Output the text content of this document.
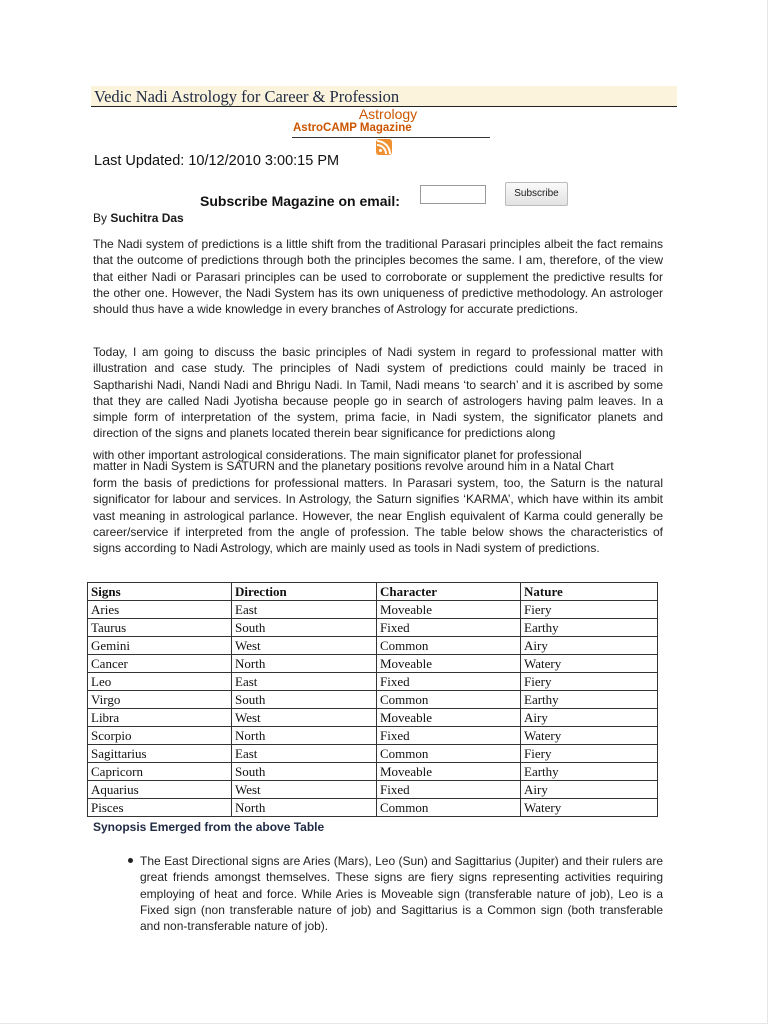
Vedic Nadi Astrology for Career & Profession
Astrology
AstroCAMP Magazine
Last Updated: 10/12/2010 3:00:15 PM
Subscribe Magazine on email:	Subscribe
By Suchitra Das

The Nadi system of predictions is a little shift from the traditional Parasari principles albeit the fact remains that the outcome of predictions through both the principles becomes the same. I am, therefore, of the view that either Nadi or Parasari principles can be used to corroborate or supplement the predictive results for the other one. However, the Nadi System has its own uniqueness of predictive methodology. An astrologer should thus have a wide knowledge in every branches of Astrology for accurate predictions.

Today, I am going to discuss the basic principles of Nadi system in regard to professional matter with illustration and case study. The principles of Nadi system of predictions could mainly be traced in Saptharishi Nadi, Nandi Nadi and Bhrigu Nadi. In Tamil, Nadi means ‘to search’ and it is ascribed by some that they are called Nadi Jyotisha because people go in search of astrologers having palm leaves. In a simple form of interpretation of the system, prima facie, in Nadi system, the significator planets and direction of the signs and planets located therein bear significance for predictions along

with other important astrological considerations. The main significator planet for professional
matter in Nadi System is SATURN and the planetary positions revolve around him in a Natal Chart

form the basis of predictions for professional matters. In Parasari system, too, the Saturn is the natural significator for labour and services. In Astrology, the Saturn signifies ‘KARMA’, which have within its ambit vast meaning in astrological parlance. However, the near English equivalent of Karma could generally be career/service if interpreted from the angle of profession. The table below shows the characteristics of signs according to Nadi Astrology, which are mainly used as tools in Nadi system of predictions.

Signs	Direction	Character	Nature
Aries	East	Moveable	Fiery
Taurus	South	Fixed	Earthy
Gemini	West	Common	Airy
Cancer	North	Moveable	Watery
Leo	East	Fixed	Fiery
Virgo	South	Common	Earthy
Libra	West	Moveable	Airy
Scorpio	North	Fixed	Watery
Sagittarius	East	Common	Fiery
Capricorn	South	Moveable	Earthy
Aquarius	West	Fixed	Airy
Pisces	North	Common	Watery
Synopsis Emerged from the above Table

The East Directional signs are Aries (Mars), Leo (Sun) and Sagittarius (Jupiter) and their rulers are great friends amongst themselves. These signs are fiery signs representing activities requiring employing of heat and force. While Aries is Moveable sign (transferable nature of job), Leo is a Fixed sign (non transferable nature of job) and Sagittarius is a Common sign (both transferable and non-transferable nature of job).
